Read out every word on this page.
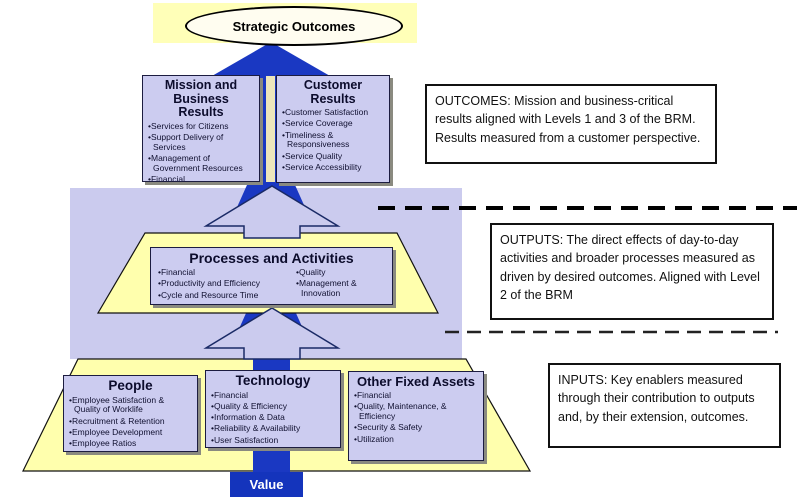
Strategic Outcomes
Mission and Business Results
• Services for Citizens
• Support Delivery of Services
• Management of Government Resources
• Financial
Customer Results
• Customer Satisfaction
• Service Coverage
• Timeliness & Responsiveness
• Service Quality
• Service Accessibility
Processes and Activities
• Financial
• Productivity and Efficiency
• Cycle and Resource Time
• Quality
• Management & Innovation
People
• Employee Satisfaction & Quality of Worklife
• Recruitment & Retention
• Employee Development
• Employee Ratios
Technology
• Financial
• Quality & Efficiency
• Information & Data
• Reliability & Availability
• User Satisfaction
Other Fixed Assets
• Financial
• Quality, Maintenance, & Efficiency
• Security & Safety
• Utilization
OUTCOMES: Mission and business-critical results aligned with Levels 1 and 3 of the BRM. Results measured from a customer perspective.
OUTPUTS: The direct effects of day-to-day activities and broader processes measured as driven by desired outcomes. Aligned with Level 2 of the BRM
INPUTS: Key enablers measured through their contribution to outputs and, by their extension, outcomes.
Value
